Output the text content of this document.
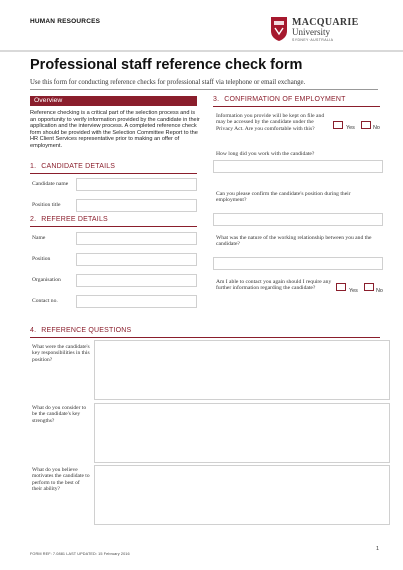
HUMAN RESOURCES	MACQUARIE
University
SYDNEY·AUSTRALIA
Professional staff reference check form
Use this form for conducting reference checks for professional staff via telephone or email exchange.
Overview
Reference checking is a critical part of the selection process and is an opportunity to verify information provided by the candidate in their application and the interview process. A completed reference check form should be provided with the Selection Committee Report to the HR Client Services representative prior to making an offer of employment.
1. CANDIDATE DETAILS
Candidate name
Position title
2. REFEREE DETAILS
Name
Position
Organisation
Contact no.
3. CONFIRMATION OF EMPLOYMENT
Information you provide will be kept on file and may be accessed by the candidate under the Privacy Act. Are you comfortable with this?	Yes	No
How long did you work with the candidate?
Can you please confirm the candidate's position during their employment?
What was the nature of the working relationship between you and the candidate?
Am I able to contact you again should I require any further information regarding the candidate?	Yes	No
4. REFERENCE QUESTIONS
What were the candidate's key responsibilities in this position?
What do you consider to be the candidate's key strengths?
What do you believe motivates the candidate to perform to the best of their ability?
1
FORM REF: 7.0881 LAST UPDATED: 15 February 2016
